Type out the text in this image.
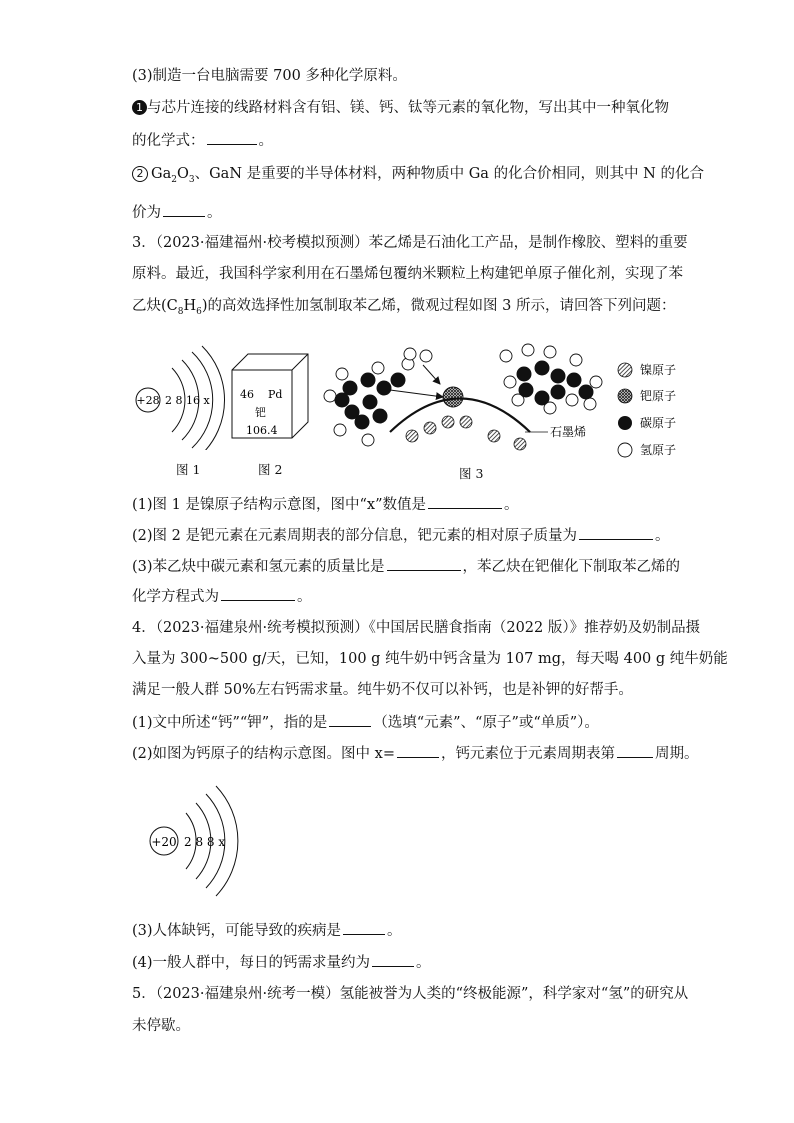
(3)制造一台电脑需要 700 多种化学原料。
1 与芯片连接的线路材料含有铝、镁、钙、钛等元素的氧化物，写出其中一种氧化物
的化学式：	。
2 $Ga_2O_3$、GaN 是重要的半导体材料，两种物质中 Ga 的化合价相同，则其中 N 的化合
价为	。
3．（2023·福建福州·校考模拟预测）苯乙烯是石油化工产品，是制作橡胶、塑料的重要
原料。最近，我国科学家利用在石墨烯包覆纳米颗粒上构建钯单原子催化剂，实现了苯
乙炔$(C_8H_6)$的高效选择性加氢制取苯乙烯，微观过程如图 3 所示，请回答下列问题：
+28 2 8 16 x
图 1
46 Pd
钯
106.4
图 2
石墨烯
图 3
镍原子
钯原子
碳原子
氢原子
(1)图 1 是镍原子结构示意图，图中“x”数值是	。
(2)图 2 是钯元素在元素周期表的部分信息，钯元素的相对原子质量为	。
(3)苯乙炔中碳元素和氢元素的质量比是	，苯乙炔在钯催化下制取苯乙烯的
化学方程式为	。
4．（2023·福建泉州·统考模拟预测）《中国居民膳食指南（2022 版）》推荐奶及奶制品摄
入量为 300~500 g/天，已知，100 g 纯牛奶中钙含量为 107 mg，每天喝 400 g 纯牛奶能
满足一般人群 50%左右钙需求量。纯牛奶不仅可以补钙，也是补钾的好帮手。
(1)文中所述“钙”“钾”，指的是	（选填“元素”、“原子”或“单质”）。
(2)如图为钙原子的结构示意图。图中 x=	，钙元素位于元素周期表第	周期。
+20 2 8 8 x
(3)人体缺钙，可能导致的疾病是	。
(4)一般人群中，每日的钙需求量约为	。
5．（2023·福建泉州·统考一模）氢能被誉为人类的“终极能源”，科学家对“氢”的研究从
未停歇。
